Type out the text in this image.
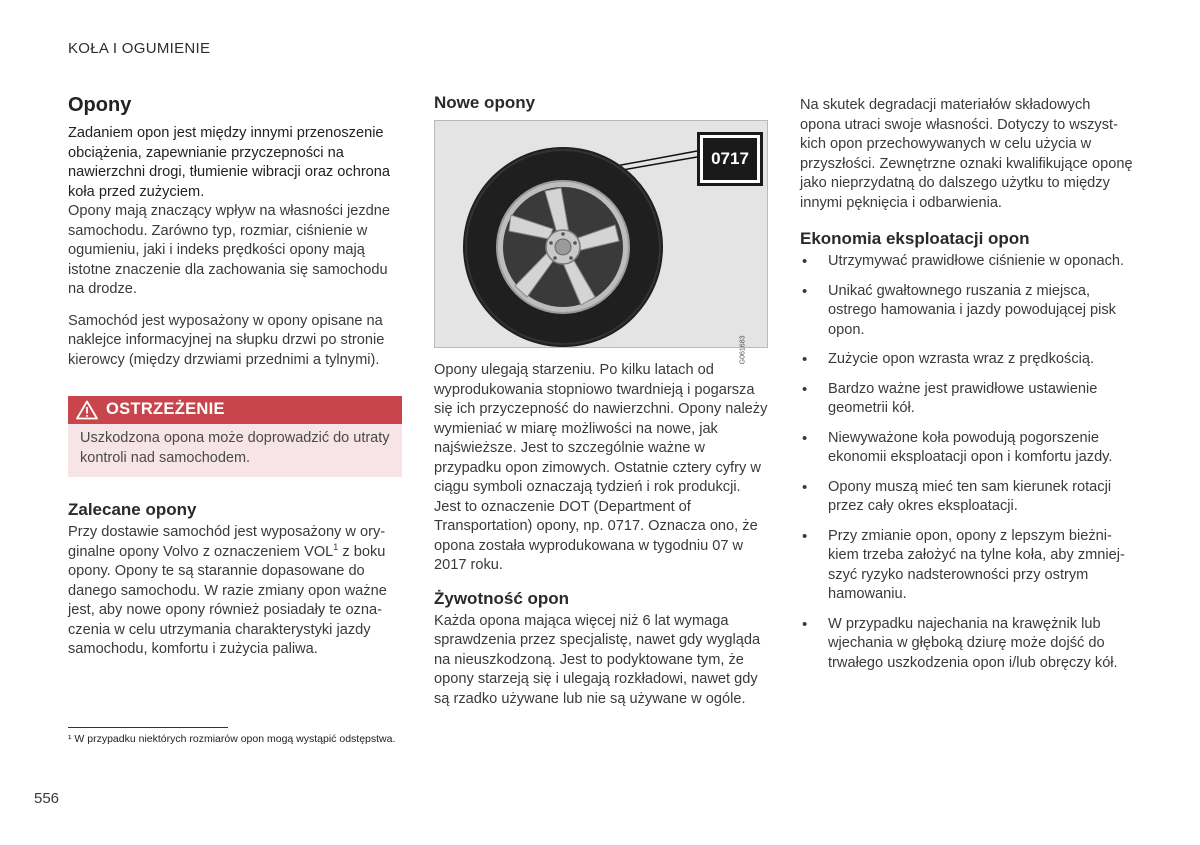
KOŁA I OGUMIENIE
Opony

Zadaniem opon jest między innymi przenoszenie obciążenia, zapewnianie przyczepności na nawierzchni drogi, tłumienie wibracji oraz ochrona koła przed zużyciem.

Opony mają znaczący wpływ na własności jezdne samochodu. Zarówno typ, rozmiar, ciśnienie w ogumieniu, jaki i indeks prędkości opony mają istotne znaczenie dla zachowania się samochodu na drodze.

Samochód jest wyposażony w opony opisane na naklejce informacyjnej na słupku drzwi po stronie kierowcy (między drzwiami przednimi a tylnymi).

OSTRZEŻENIE
Uszkodzona opona może doprowadzić do utraty kontroli nad samochodem.
Zalecane opony

Przy dostawie samochód jest wyposażony w ory-ginalne opony Volvo z oznaczeniem VOL$^1$ z boku opony. Opony te są starannie dopasowane do danego samochodu. W razie zmiany opon ważne jest, aby nowe opony również posiadały te ozna-czenia w celu utrzymania charakterystyki jazdy samochodu, komfortu i zużycia paliwa.

Nowe opony
0717
G061683

Opony ulegają starzeniu. Po kilku latach od wyprodukowania stopniowo twardnieją i pogarsza się ich przyczepność do nawierzchni. Opony należy wymieniać w miarę możliwości na nowe, jak najświeższe. Jest to szczególnie ważne w przypadku opon zimowych. Ostatnie cztery cyfry w ciągu symboli oznaczają tydzień i rok produkcji. Jest to oznaczenie DOT (Department of Transportation) opony, np. 0717. Oznacza ono, że opona została wyprodukowana w tygodniu 07 w 2017 roku.

Żywotność opon

Każda opona mająca więcej niż 6 lat wymaga sprawdzenia przez specjalistę, nawet gdy wygląda na nieuszkodzoną. Jest to podyktowane tym, że opony starzeją się i ulegają rozkładowi, nawet gdy są rzadko używane lub nie są używane w ogóle.

Na skutek degradacji materiałów składowych opona utraci swoje własności. Dotyczy to wszyst-kich opon przechowywanych w celu użycia w przyszłości. Zewnętrzne oznaki kwalifikujące oponę jako nieprzydatną do dalszego użytku to między innymi pęknięcia i odbarwienia.

Ekonomia eksploatacji opon
• Utrzymywać prawidłowe ciśnienie w oponach.
• Unikać gwałtownego ruszania z miejsca, ostrego hamowania i jazdy powodującej pisk opon.
• Zużycie opon wzrasta wraz z prędkością.
• Bardzo ważne jest prawidłowe ustawienie geometrii kół.
• Niewyważone koła powodują pogorszenie ekonomii eksploatacji opon i komfortu jazdy.
• Opony muszą mieć ten sam kierunek rotacji przez cały okres eksploatacji.
• Przy zmianie opon, opony z lepszym bieżni-kiem trzeba założyć na tylne koła, aby zmniej-szyć ryzyko nadsterowności przy ostrym hamowaniu.
• W przypadku najechania na krawężnik lub wjechania w głęboką dziurę może dojść do trwałego uszkodzenia opon i/lub obręczy kół.
¹ W przypadku niektórych rozmiarów opon mogą wystąpić odstępstwa.
556
